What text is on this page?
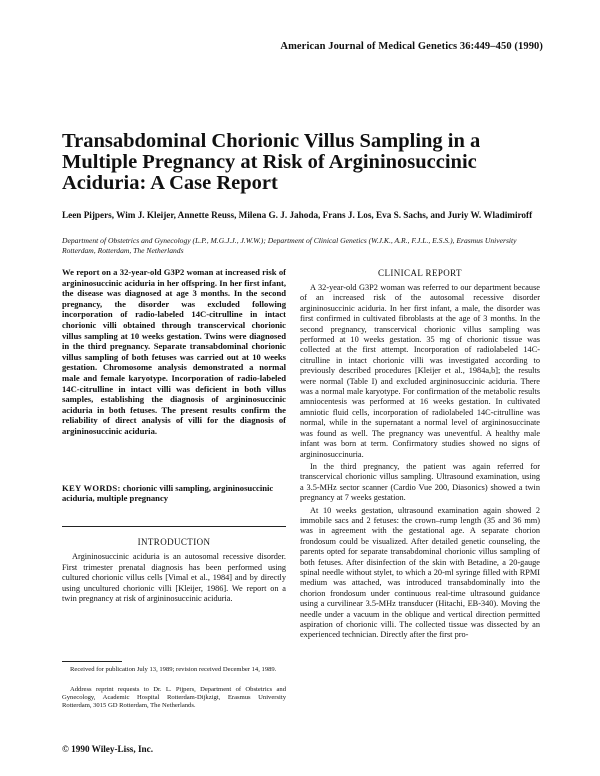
American Journal of Medical Genetics 36:449–450 (1990)
Transabdominal Chorionic Villus Sampling in a Multiple Pregnancy at Risk of Argininosuccinic Aciduria: A Case Report
Leen Pijpers, Wim J. Kleijer, Annette Reuss, Milena G. J. Jahoda, Frans J. Los, Eva S. Sachs, and Juriy W. Wladimiroff
Department of Obstetrics and Gynecology (L.P., M.G.J.J., J.W.W.); Department of Clinical Genetics (W.J.K., A.R., F.J.L., E.S.S.), Erasmus University Rotterdam, Rotterdam, The Netherlands

We report on a 32-year-old G3P2 woman at increased risk of argininosuccinic aciduria in her offspring. In her first infant, the disease was diagnosed at age 3 months. In the second pregnancy, the disorder was excluded following incorporation of radio-labeled 14C-citrulline in intact chorionic villi obtained through transcervical chorionic villus sampling at 10 weeks gestation. Twins were diagnosed in the third pregnancy. Separate transabdominal chorionic villus sampling of both fetuses was carried out at 10 weeks gestation. Chromosome analysis demonstrated a normal male and female karyotype. Incorporation of radio-labeled 14C-citrulline in intact villi was deficient in both villus samples, establishing the diagnosis of argininosuccinic aciduria in both fetuses. The present results confirm the reliability of direct analysis of villi for the diagnosis of argininosuccinic aciduria.

KEY WORDS: chorionic villi sampling, argininosuccinic aciduria, multiple pregnancy
INTRODUCTION

Argininosuccinic aciduria is an autosomal recessive disorder. First trimester prenatal diagnosis has been performed using cultured chorionic villus cells [Vimal et al., 1984] and by directly using uncultured chorionic villi [Kleijer, 1986]. We report on a twin pregnancy at risk of argininosuccinic aciduria.

Received for publication July 13, 1989; revision received December 14, 1989.

Address reprint requests to Dr. L. Pijpers, Department of Obstetrics and Gynecology, Academic Hospital Rotterdam-Dijkzigt, Erasmus University Rotterdam, 3015 GD Rotterdam, The Netherlands.

© 1990 Wiley-Liss, Inc.
CLINICAL REPORT

A 32-year-old G3P2 woman was referred to our department because of an increased risk of the autosomal recessive disorder argininosuccinic aciduria. In her first infant, a male, the disorder was first confirmed in cultivated fibroblasts at the age of 3 months. In the second pregnancy, transcervical chorionic villus sampling was performed at 10 weeks gestation. 35 mg of chorionic tissue was collected at the first attempt. Incorporation of radiolabeled 14C-citrulline in intact chorionic villi was investigated according to previously described procedures [Kleijer et al., 1984a,b]; the results were normal (Table I) and excluded argininosuccinic aciduria. There was a normal male karyotype. For confirmation of the metabolic results amniocentesis was performed at 16 weeks gestation. In cultivated amniotic fluid cells, incorporation of radiolabeled 14C-citrulline was normal, while in the supernatant a normal level of argininosuccinate was found as well. The pregnancy was uneventful. A healthy male infant was born at term. Confirmatory studies showed no signs of argininosuccinuria.

In the third pregnancy, the patient was again referred for transcervical chorionic villus sampling. Ultrasound examination, using a 3.5-MHz sector scanner (Cardio Vue 200, Diasonics) showed a twin pregnancy at 7 weeks gestation.

At 10 weeks gestation, ultrasound examination again showed 2 immobile sacs and 2 fetuses: the crown–rump length (35 and 36 mm) was in agreement with the gestational age. A separate chorion frondosum could be visualized. After detailed genetic counseling, the parents opted for separate transabdominal chorionic villus sampling of both fetuses. After disinfection of the skin with Betadine, a 20-gauge spinal needle without stylet, to which a 20-ml syringe filled with RPMI medium was attached, was introduced transabdominally into the chorion frondosum under continuous real-time ultrasound guidance using a curvilinear 3.5-MHz transducer (Hitachi, EB-340). Moving the needle under a vacuum in the oblique and vertical direction permitted aspiration of chorionic villi. The collected tissue was dissected by an experienced technician. Directly after the first pro-
